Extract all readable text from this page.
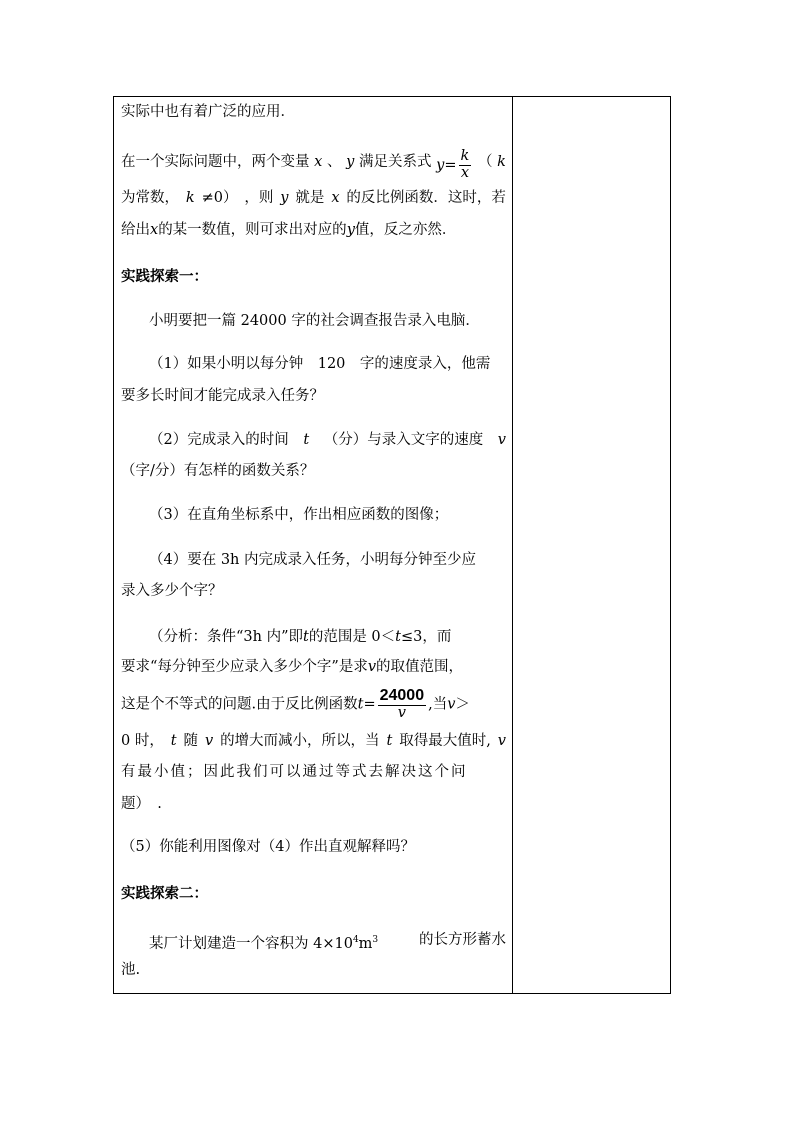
实际中也有着广泛的应用．
在一个实际问题中，两个变量 x 、 y 满足关系式 $y= \frac{k}{x}$ （ k
为常数， k ≠0） ，则 y 就是 x 的反比例函数．这时，若
给出x的某一数值，则可求出对应的y值，反之亦然．
实践探索一：
小明要把一篇 24000 字的社会调查报告录入电脑．
（1）如果小明以每分钟　120　字的速度录入，他需
要多长时间才能完成录入任务？
（2）完成录入的时间 t （分）与录入文字的速度 v
（字/分）有怎样的函数关系？
（3）在直角坐标系中，作出相应函数的图像；
（4）要在 3h 内完成录入任务，小明每分钟至少应
录入多少个字？
（分析：条件“3h 内”即t的范围是 0＜t≤3，而
要求“每分钟至少应录入多少个字”是求v的取值范围，
这是个不等式的问题.由于反比例函数$t= \frac{24000}{v}$ ,当v＞
0 时， t 随 v 的增大而减小，所以，当 t 取得最大值时, v
有最小值；因此我们可以通过等式去解决这个问
题）　.
（5）你能利用图像对（4）作出直观解释吗？
实践探索二：
某厂计划建造一个容积为 $4\times 10^4m^3$	的长方形蓄水
池.
